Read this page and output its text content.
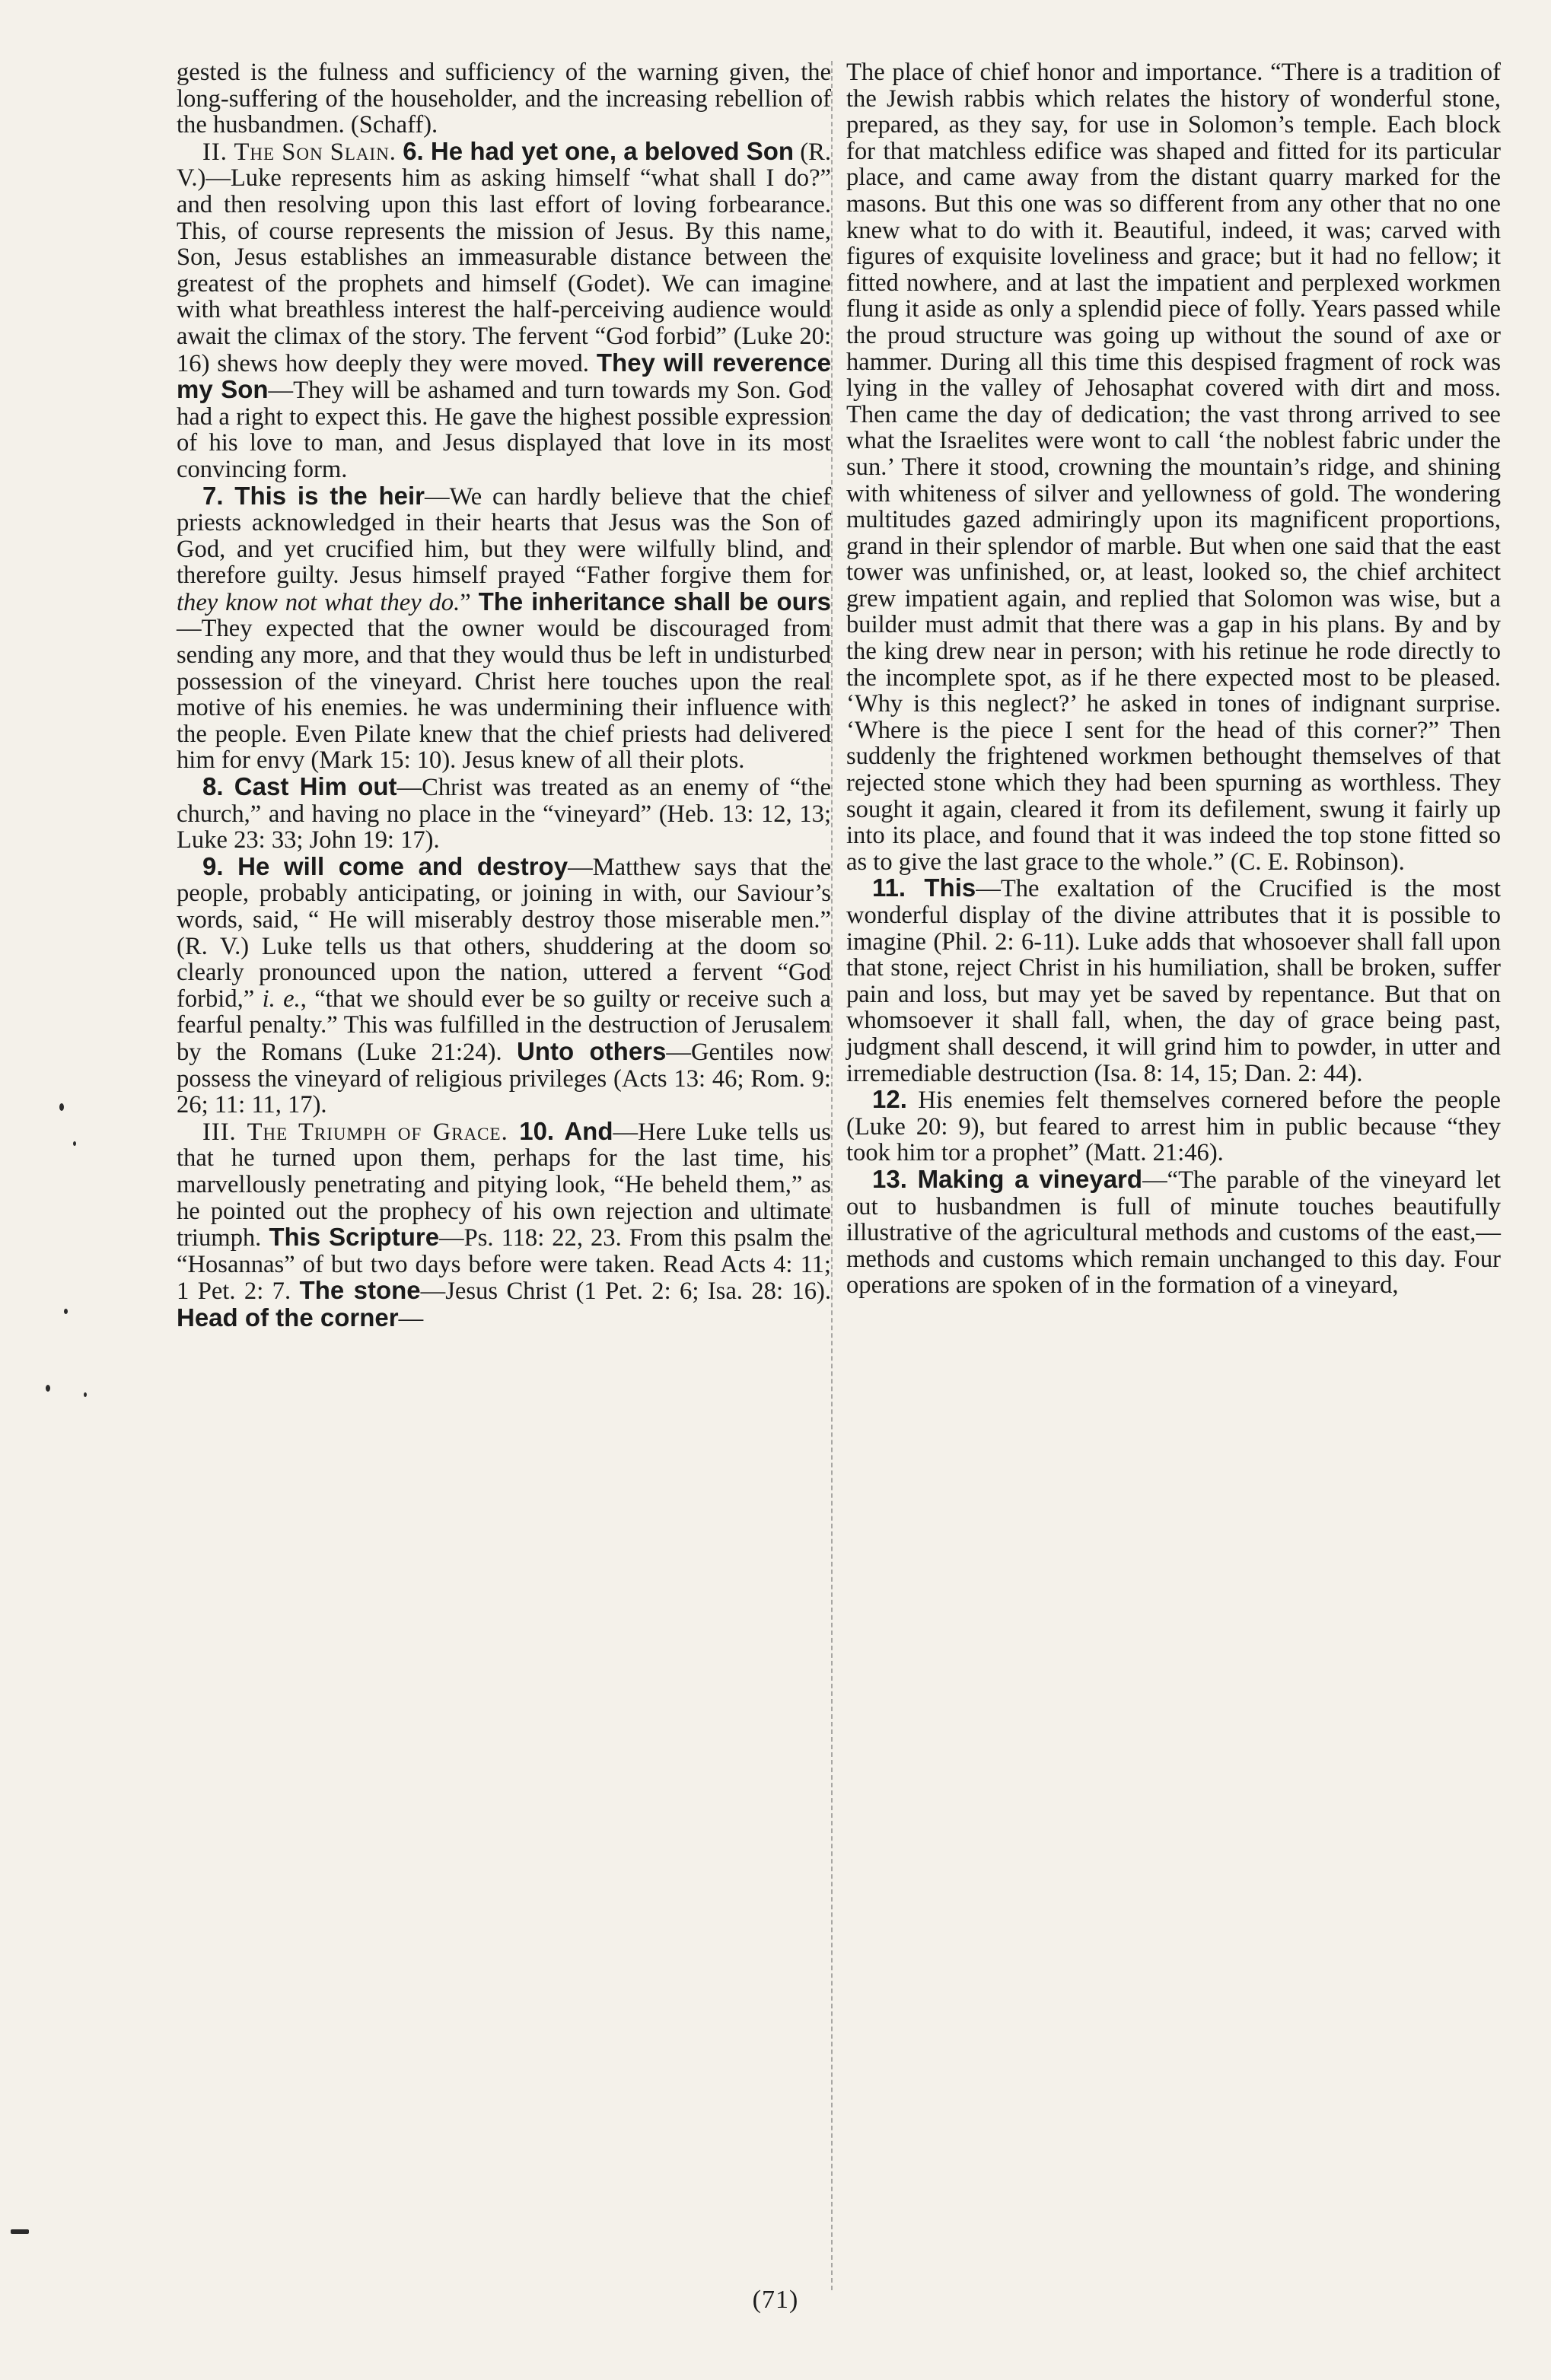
gested is the fulness and sufficiency of the warning given, the long-suffering of the householder, and the increasing rebellion of the husbandmen. (Schaff).

II. The Son Slain. 6. He had yet one, a beloved Son (R. V.)—Luke represents him as asking himself “what shall I do?” and then resolving upon this last effort of loving forbearance. This, of course represents the mission of Jesus. By this name, Son, Jesus establishes an immeasurable distance between the greatest of the prophets and himself (Godet). We can imagine with what breathless interest the half-perceiving audience would await the climax of the story. The fervent “God forbid” (Luke 20: 16) shews how deeply they were moved. They will reverence my Son—They will be ashamed and turn towards my Son. God had a right to expect this. He gave the highest possible expression of his love to man, and Jesus displayed that love in its most convincing form.

7. This is the heir—We can hardly believe that the chief priests acknowledged in their hearts that Jesus was the Son of God, and yet crucified him, but they were wilfully blind, and therefore guilty. Jesus himself prayed “Father forgive them for they know not what they do.” The inheritance shall be ours—They expected that the owner would be discouraged from sending any more, and that they would thus be left in undisturbed possession of the vineyard. Christ here touches upon the real motive of his enemies. he was undermining their influence with the people. Even Pilate knew that the chief priests had delivered him for envy (Mark 15: 10). Jesus knew of all their plots.

8. Cast Him out—Christ was treated as an enemy of “the church,” and having no place in the “vineyard” (Heb. 13: 12, 13; Luke 23: 33; John 19: 17).

9. He will come and destroy—Matthew says that the people, probably anticipating, or joining in with, our Saviour’s words, said, “ He will miserably destroy those miserable men.” (R. V.) Luke tells us that others, shuddering at the doom so clearly pronounced upon the nation, uttered a fervent “God forbid,” i. e., “that we should ever be so guilty or receive such a fearful penalty.” This was fulfilled in the destruction of Jerusalem by the Romans (Luke 21:24). Unto others—Gentiles now possess the vineyard of religious privileges (Acts 13: 46; Rom. 9: 26; 11: 11, 17).

III. The Triumph of Grace. 10. And—Here Luke tells us that he turned upon them, perhaps for the last time, his marvellously penetrating and pitying look, “He beheld them,” as he pointed out the prophecy of his own rejection and ultimate triumph. This Scripture—Ps. 118: 22, 23. From this psalm the “Hosannas” of but two days before were taken. Read Acts 4: 11; 1 Pet. 2: 7. The stone—Jesus Christ (1 Pet. 2: 6; Isa. 28: 16). Head of the corner—

The place of chief honor and importance. “There is a tradition of the Jewish rabbis which relates the history of wonderful stone, prepared, as they say, for use in Solomon’s temple. Each block for that matchless edifice was shaped and fitted for its particular place, and came away from the distant quarry marked for the masons. But this one was so different from any other that no one knew what to do with it. Beautiful, indeed, it was; carved with figures of exquisite loveliness and grace; but it had no fellow; it fitted nowhere, and at last the impatient and perplexed workmen flung it aside as only a splendid piece of folly. Years passed while the proud structure was going up without the sound of axe or hammer. During all this time this despised fragment of rock was lying in the valley of Jehosaphat covered with dirt and moss. Then came the day of dedication; the vast throng arrived to see what the Israelites were wont to call ‘the noblest fabric under the sun.’ There it stood, crowning the mountain’s ridge, and shining with whiteness of silver and yellowness of gold. The wondering multitudes gazed admiringly upon its magnificent proportions, grand in their splendor of marble. But when one said that the east tower was unfinished, or, at least, looked so, the chief architect grew impatient again, and replied that Solomon was wise, but a builder must admit that there was a gap in his plans. By and by the king drew near in person; with his retinue he rode directly to the incomplete spot, as if he there expected most to be pleased. ‘Why is this neglect?’ he asked in tones of indignant surprise. ‘Where is the piece I sent for the head of this corner?” Then suddenly the frightened workmen bethought themselves of that rejected stone which they had been spurning as worthless. They sought it again, cleared it from its defilement, swung it fairly up into its place, and found that it was indeed the top stone fitted so as to give the last grace to the whole.” (C. E. Robinson).

11. This—The exaltation of the Crucified is the most wonderful display of the divine attributes that it is possible to imagine (Phil. 2: 6-11). Luke adds that whosoever shall fall upon that stone, reject Christ in his humiliation, shall be broken, suffer pain and loss, but may yet be saved by repentance. But that on whomsoever it shall fall, when, the day of grace being past, judgment shall descend, it will grind him to powder, in utter and irremediable destruction (Isa. 8: 14, 15; Dan. 2: 44).

12. His enemies felt themselves cornered before the people (Luke 20: 9), but feared to arrest him in public because “they took him tor a prophet” (Matt. 21:46).

13. Making a vineyard—“The parable of the vineyard let out to husbandmen is full of minute touches beautifully illustrative of the agricultural methods and customs of the east,—methods and customs which remain unchanged to this day. Four operations are spoken of in the formation of a vineyard,

(71)
